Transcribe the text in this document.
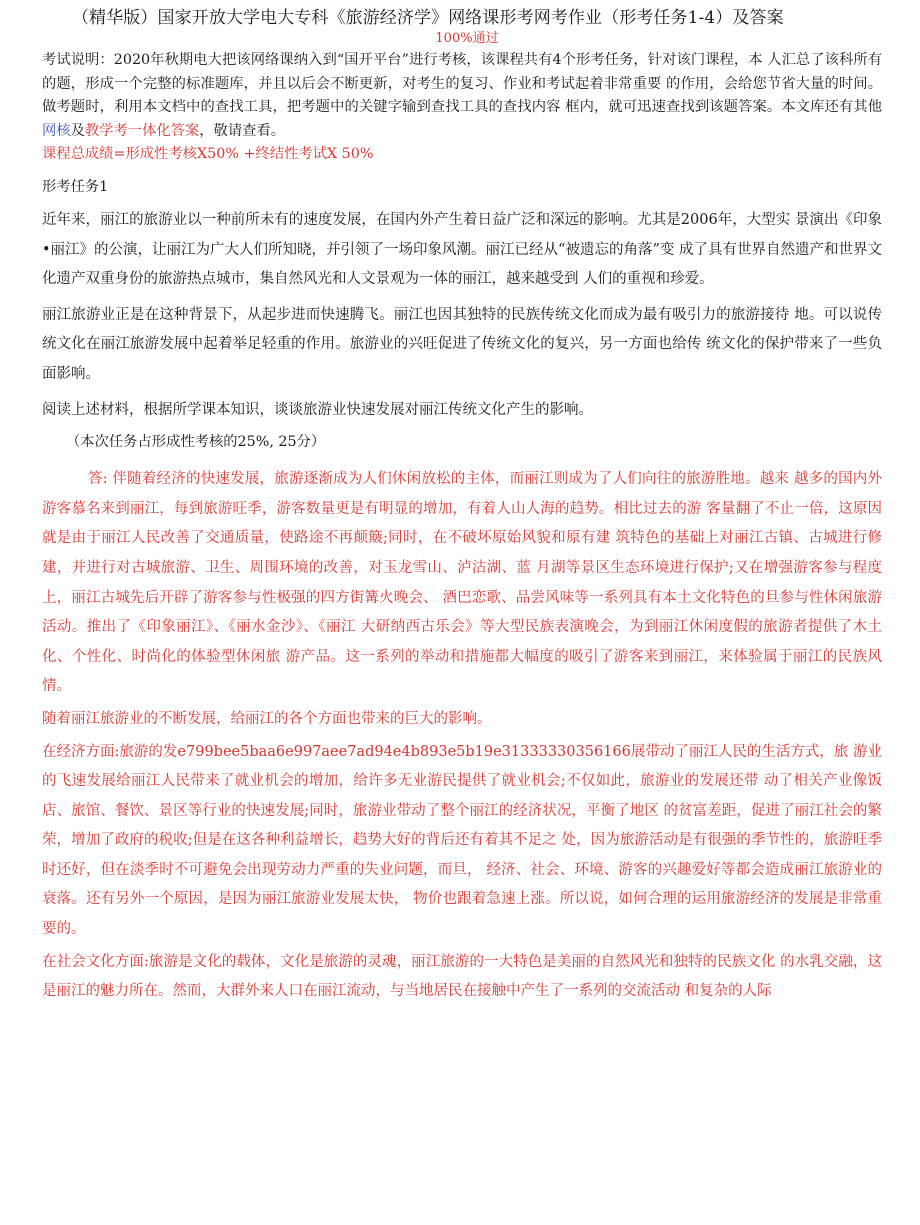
（精华版）国家开放大学电大专科《旅游经济学》网络课形考网考作业（形考任务1-4）及答案
100%通过

考试说明：2020年秋期电大把该网络课纳入到“国开平台”进行考核，该课程共有4个形考任务，针对该门课程，本 人汇总了该科所有的题，形成一个完整的标准题库，并且以后会不断更新，对考生的复习、作业和考试起着非常重要 的作用，会给您节省大量的时间。做考题时，利用本文档中的查找工具，把考题中的关键字输到查找工具的查找内容 框内，就可迅速查找到该题答案。本文库还有其他网核及教学考一体化答案，敬请查看。

课程总成绩=形成性考核X50% +终结性考试X 50%

形考任务1

近年来，丽江的旅游业以一种前所未有的速度发展，在国内外产生着日益广泛和深远的影响。尤其是2006年，大型实 景演出《印象•丽江》的公演，让丽江为广大人们所知晓，并引领了一场印象风潮。丽江已经从“被遗忘的角落”变 成了具有世界自然遗产和世界文化遗产双重身份的旅游热点城市，集自然风光和人文景观为一体的丽江，越来越受到 人们的重视和珍爱。

丽江旅游业正是在这种背景下，从起步进而快速腾飞。丽江也因其独特的民族传统文化而成为最有吸引力的旅游接待 地。可以说传统文化在丽江旅游发展中起着举足轻重的作用。旅游业的兴旺促进了传统文化的复兴，另一方面也给传 统文化的保护带来了一些负面影响。

阅读上述材料，根据所学课本知识，谈谈旅游业快速发展对丽江传统文化产生的影响。

（本次任务占形成性考核的25%, 25分）

答: 伴随着经济的快速发展，旅游逐渐成为人们休闲放松的主体，而丽江则成为了人们向往的旅游胜地。越来 越多的国内外游客慕名来到丽江，每到旅游旺季，游客数量更是有明显的增加，有着人山人海的趋势。相比过去的游 客量翻了不止一倍，这原因就是由于丽江人民改善了交通质量，使路途不再颠簸;同时，在不破坏原始风貌和原有建 筑特色的基础上对丽江古镇、古城进行修建，并进行对古城旅游、卫生、周围环境的改善，对玉龙雪山、泸沽湖、蓝 月湖等景区生态环境进行保护;又在增强游客参与程度上，丽江古城先后开辟了游客参与性极强的四方街篝火晚会、 酒巴恋歌、品尝风味等一系列具有本土文化特色的旦参与性休闲旅游活动。推出了《印象丽江》、《丽水金沙》、《丽江 大研纳西古乐会》等大型民族表演晚会，为到丽江休闲度假的旅游者提供了木土化、个性化、时尚化的体验型休闲旅 游产品。这一系列的举动和措施都大幅度的吸引了游客来到丽江，来体验属于丽江的民族风情。

随着丽江旅游业的不断发展，给丽江的各个方面也带来的巨大的影响。

在经济方面:旅游的发e799bee5baa6e997aee7ad94e4b893e5b19e31333330356166展带动了丽江人民的生活方式，旅 游业的飞速发展给丽江人民带来了就业机会的增加，给许多无业游民提供了就业机会;不仅如此，旅游业的发展还带 动了相关产业像饭店、旅馆、餐饮、景区等行业的快速发展;同时，旅游业带动了整个丽江的经济状况，平衡了地区 的贫富差距，促进了丽江社会的繁荣，增加了政府的税收;但是在这各种利益增长，趋势大好的背后还有着其不足之 处，因为旅游活动是有很强的季节性的，旅游旺季时还好，但在淡季时不可避免会出现劳动力严重的失业问题，而旦， 经济、社会、环境、游客的兴趣爱好等都会造成丽江旅游业的衰落。还有另外一个原因，是因为丽江旅游业发展太快， 物价也跟着急速上涨。所以说，如何合理的运用旅游经济的发展是非常重要的。

在社会文化方面:旅游是文化的载体，文化是旅游的灵魂，丽江旅游的一大特色是美丽的自然风光和独特的民族文化 的水乳交融，这是丽江的魅力所在。然而，大群外来人口在丽江流动，与当地居民在接触中产生了一系列的交流活动 和复杂的人际
